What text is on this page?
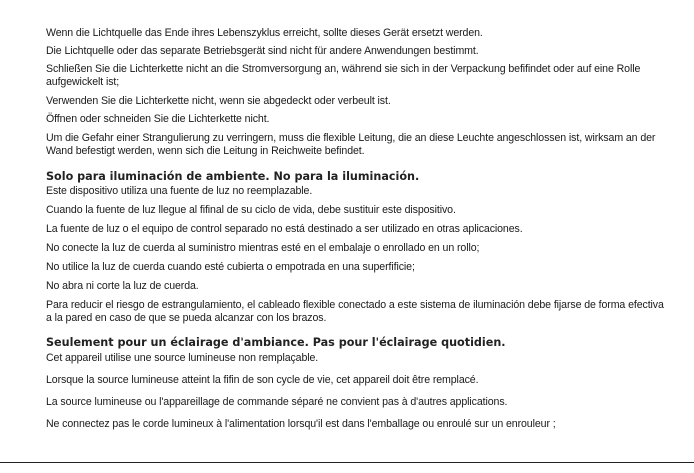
Wenn die Lichtquelle das Ende ihres Lebenszyklus erreicht, sollte dieses Gerät ersetzt werden.

Die Lichtquelle oder das separate Betriebsgerät sind nicht für andere Anwendungen bestimmt.

Schließen Sie die Lichterkette nicht an die Stromversorgung an, während sie sich in der Verpackung befifindet oder auf eine Rolle aufgewickelt ist;

Verwenden Sie die Lichterkette nicht, wenn sie abgedeckt oder verbeult ist.

Öffnen oder schneiden Sie die Lichterkette nicht.

Um die Gefahr einer Strangulierung zu verringern, muss die flexible Leitung, die an diese Leuchte angeschlossen ist, wirksam an der Wand befestigt werden, wenn sich die Leitung in Reichweite befindet.

Solo para iluminación de ambiente. No para la iluminación.

Este dispositivo utiliza una fuente de luz no reemplazable.

Cuando la fuente de luz llegue al fifinal de su ciclo de vida, debe sustituir este dispositivo.

La fuente de luz o el equipo de control separado no está destinado a ser utilizado en otras aplicaciones.

No conecte la luz de cuerda al suministro mientras esté en el embalaje o enrollado en un rollo;

No utilice la luz de cuerda cuando esté cubierta o empotrada en una superfificie;

No abra ni corte la luz de cuerda.

Para reducir el riesgo de estrangulamiento, el cableado flexible conectado a este sistema de iluminación debe fijarse de forma efectiva a la pared en caso de que se pueda alcanzar con los brazos.

Seulement pour un éclairage d'ambiance. Pas pour l'éclairage quotidien.

Cet appareil utilise une source lumineuse non remplaçable.

Lorsque la source lumineuse atteint la fifin de son cycle de vie, cet appareil doit être remplacé.

La source lumineuse ou l'appareillage de commande séparé ne convient pas à d'autres applications.

Ne connectez pas le corde lumineux à l'alimentation lorsqu'il est dans l'emballage ou enroulé sur un enrouleur ;
